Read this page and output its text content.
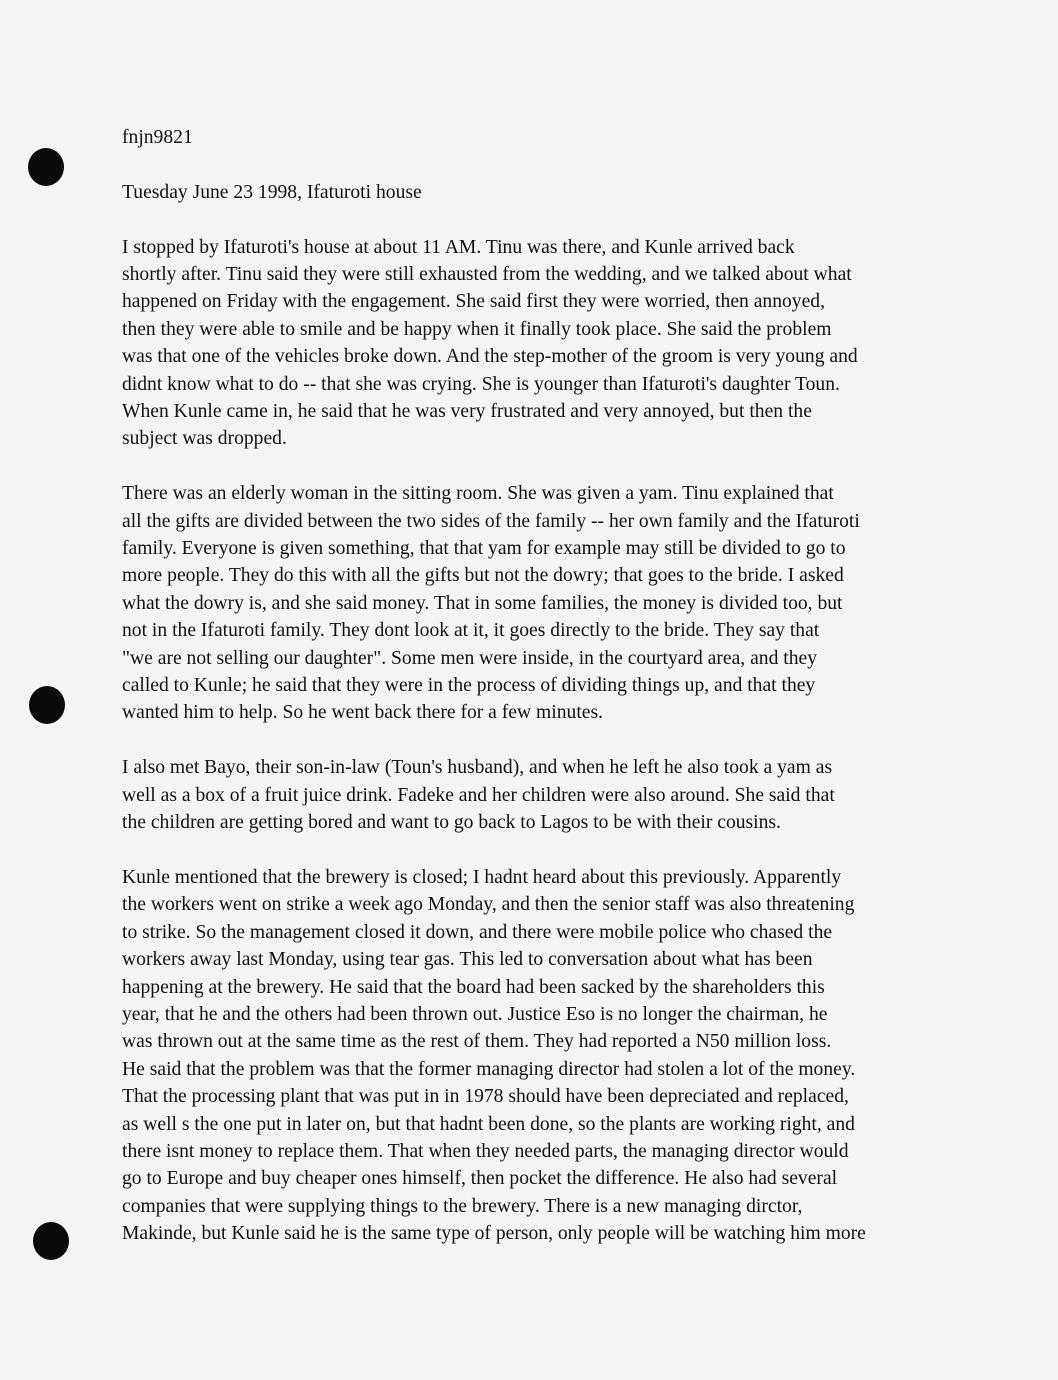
fnjn9821
Tuesday June 23 1998, Ifaturoti house

I stopped by Ifaturoti's house at about 11 AM. Tinu was there, and Kunle arrived back
shortly after. Tinu said they were still exhausted from the wedding, and we talked about what
happened on Friday with the engagement. She said first they were worried, then annoyed,
then they were able to smile and be happy when it finally took place. She said the problem
was that one of the vehicles broke down. And the step-mother of the groom is very young and
didnt know what to do -- that she was crying. She is younger than Ifaturoti's daughter Toun.
When Kunle came in, he said that he was very frustrated and very annoyed, but then the
subject was dropped.

There was an elderly woman in the sitting room. She was given a yam. Tinu explained that
all the gifts are divided between the two sides of the family -- her own family and the Ifaturoti
family. Everyone is given something, that that yam for example may still be divided to go to
more people. They do this with all the gifts but not the dowry; that goes to the bride. I asked
what the dowry is, and she said money. That in some families, the money is divided too, but
not in the Ifaturoti family. They dont look at it, it goes directly to the bride. They say that
"we are not selling our daughter". Some men were inside, in the courtyard area, and they
called to Kunle; he said that they were in the process of dividing things up, and that they
wanted him to help. So he went back there for a few minutes.

I also met Bayo, their son-in-law (Toun's husband), and when he left he also took a yam as
well as a box of a fruit juice drink. Fadeke and her children were also around. She said that
the children are getting bored and want to go back to Lagos to be with their cousins.

Kunle mentioned that the brewery is closed; I hadnt heard about this previously. Apparently
the workers went on strike a week ago Monday, and then the senior staff was also threatening
to strike. So the management closed it down, and there were mobile police who chased the
workers away last Monday, using tear gas. This led to conversation about what has been
happening at the brewery. He said that the board had been sacked by the shareholders this
year, that he and the others had been thrown out. Justice Eso is no longer the chairman, he
was thrown out at the same time as the rest of them. They had reported a N50 million loss.
He said that the problem was that the former managing director had stolen a lot of the money.
That the processing plant that was put in in 1978 should have been depreciated and replaced,
as well s the one put in later on, but that hadnt been done, so the plants are working right, and
there isnt money to replace them. That when they needed parts, the managing director would
go to Europe and buy cheaper ones himself, then pocket the difference. He also had several
companies that were supplying things to the brewery. There is a new managing dirctor,
Makinde, but Kunle said he is the same type of person, only people will be watching him more
